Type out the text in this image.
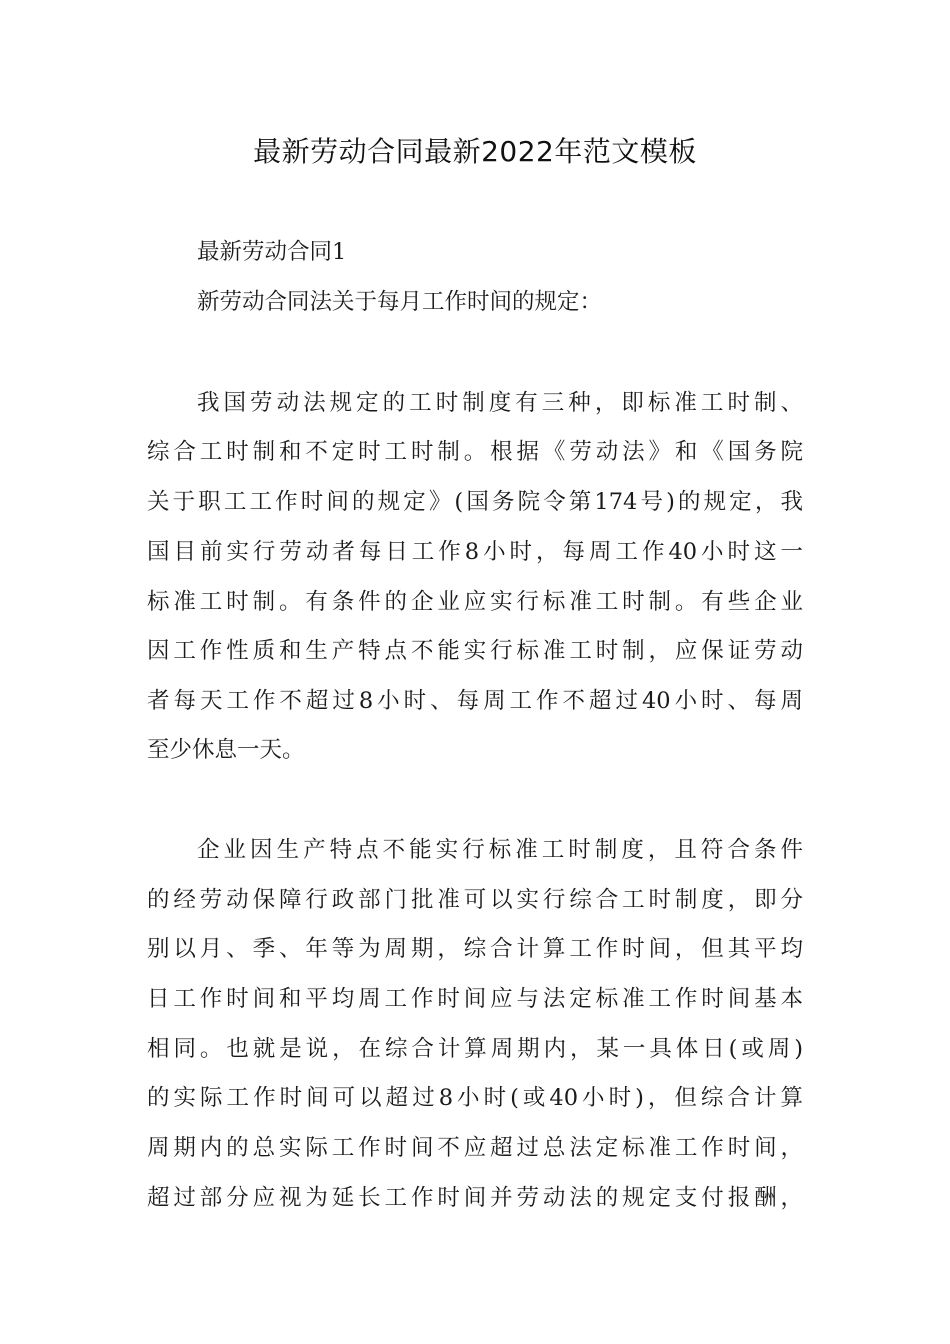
最新劳动合同最新2022年范文模板
最新劳动合同1
新劳动合同法关于每月工作时间的规定：
我国劳动法规定的工时制度有三种，即标准工时制、
综合工时制和不定时工时制。根据《劳动法》和《国务院
关于职工工作时间的规定》(国务院令第174号)的规定，我
国目前实行劳动者每日工作8小时，每周工作40小时这一
标准工时制。有条件的企业应实行标准工时制。有些企业
因工作性质和生产特点不能实行标准工时制，应保证劳动
者每天工作不超过8小时、每周工作不超过40小时、每周
至少休息一天。
企业因生产特点不能实行标准工时制度，且符合条件
的经劳动保障行政部门批准可以实行综合工时制度，即分
别以月、季、年等为周期，综合计算工作时间，但其平均
日工作时间和平均周工作时间应与法定标准工作时间基本
相同。也就是说，在综合计算周期内，某一具体日(或周)
的实际工作时间可以超过8小时(或40小时)，但综合计算
周期内的总实际工作时间不应超过总法定标准工作时间，
超过部分应视为延长工作时间并劳动法的规定支付报酬，
